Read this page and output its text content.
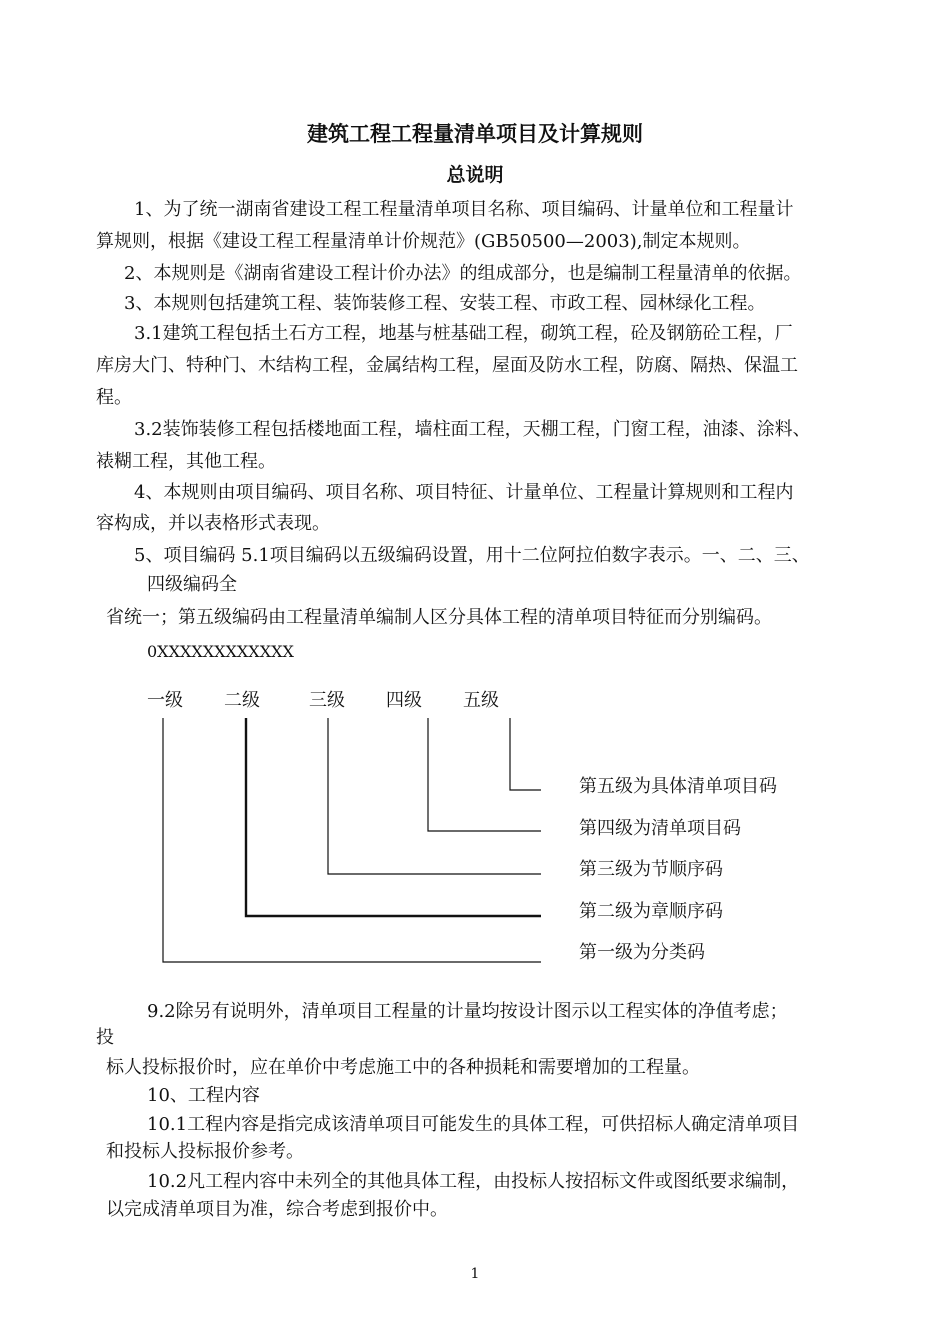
建筑工程工程量清单项目及计算规则
总说明
1、为了统一湖南省建设工程工程量清单项目名称、项目编码、计量单位和工程量计
算规则，根据《建设工程工程量清单计价规范》(GB50500—2003),制定本规则。
2、本规则是《湖南省建设工程计价办法》的组成部分，也是编制工程量清单的依据。
3、本规则包括建筑工程、装饰装修工程、安装工程、市政工程、园林绿化工程。
3.1建筑工程包括土石方工程，地基与桩基础工程，砌筑工程，砼及钢筋砼工程，厂
库房大门、特种门、木结构工程，金属结构工程，屋面及防水工程，防腐、隔热、保温工
程。
3.2装饰装修工程包括楼地面工程，墙柱面工程，天棚工程，门窗工程，油漆、涂料、
裱糊工程，其他工程。
4、本规则由项目编码、项目名称、项目特征、计量单位、工程量计算规则和工程内
容构成，并以表格形式表现。
5、项目编码 5.1项目编码以五级编码设置，用十二位阿拉伯数字表示。一、二、三、
四级编码全
省统一；第五级编码由工程量清单编制人区分具体工程的清单项目特征而分别编码。
0XXXXXXXXXXXX
一级 二级	三级 四级 五级
第五级为具体清单项目码
第四级为清单项目码
第三级为节顺序码
第二级为章顺序码
第一级为分类码
9.2除另有说明外，清单项目工程量的计量均按设计图示以工程实体的净值考虑；
投
标人投标报价时，应在单价中考虑施工中的各种损耗和需要增加的工程量。
10、工程内容
10.1工程内容是指完成该清单项目可能发生的具体工程，可供招标人确定清单项目
和投标人投标报价参考。
10.2凡工程内容中未列全的其他具体工程，由投标人按招标文件或图纸要求编制，
以完成清单项目为准，综合考虑到报价中。
1
